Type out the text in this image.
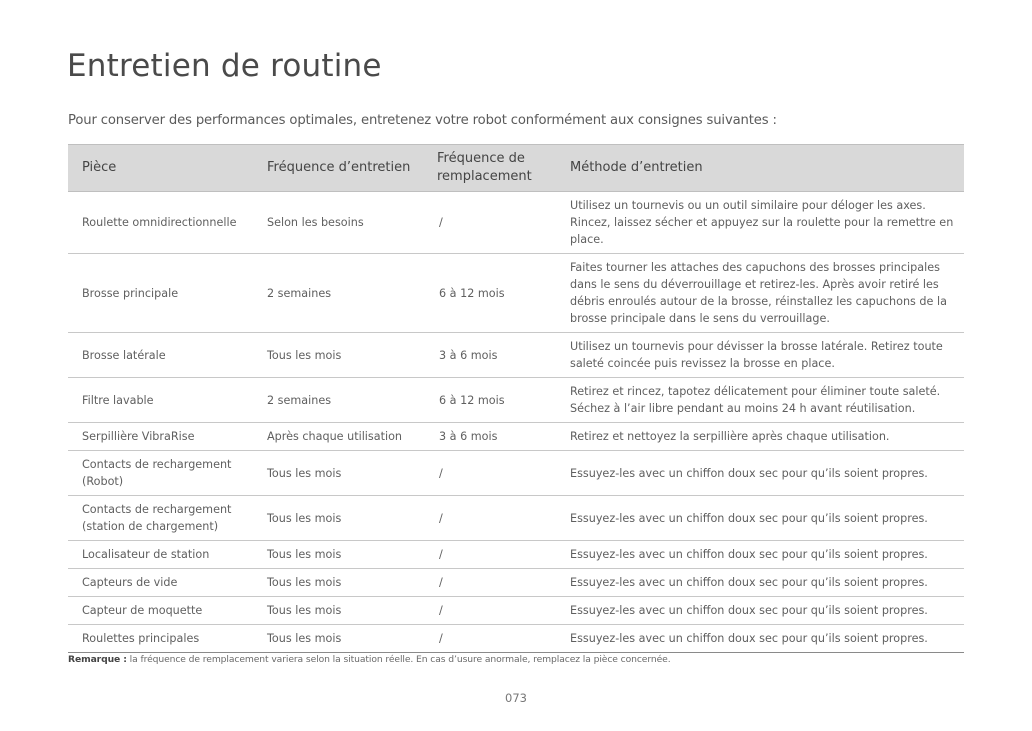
Entretien de routine

Pour conserver des performances optimales, entretenez votre robot conformément aux consignes suivantes :

Pièce	Fréquence d’entretien	Fréquence de remplacement	Méthode d’entretien
Roulette omnidirectionnelle	Selon les besoins	/	Utilisez un tournevis ou un outil similaire pour déloger les axes. Rincez, laissez sécher et appuyez sur la roulette pour la remettre en place.
Brosse principale	2 semaines	6 à 12 mois	Faites tourner les attaches des capuchons des brosses principales dans le sens du déverrouillage et retirez-les. Après avoir retiré les débris enroulés autour de la brosse, réinstallez les capuchons de la brosse principale dans le sens du verrouillage.
Brosse latérale	Tous les mois	3 à 6 mois	Utilisez un tournevis pour dévisser la brosse latérale. Retirez toute saleté coincée puis revissez la brosse en place.
Filtre lavable	2 semaines	6 à 12 mois	Retirez et rincez, tapotez délicatement pour éliminer toute saleté. Séchez à l’air libre pendant au moins 24 h avant réutilisation.
Serpillière VibraRise	Après chaque utilisation	3 à 6 mois	Retirez et nettoyez la serpillière après chaque utilisation.
Contacts de rechargement (Robot)	Tous les mois	/	Essuyez-les avec un chiffon doux sec pour qu’ils soient propres.
Contacts de rechargement (station de chargement)	Tous les mois	/	Essuyez-les avec un chiffon doux sec pour qu’ils soient propres.
Localisateur de station	Tous les mois	/	Essuyez-les avec un chiffon doux sec pour qu’ils soient propres.
Capteurs de vide	Tous les mois	/	Essuyez-les avec un chiffon doux sec pour qu’ils soient propres.
Capteur de moquette	Tous les mois	/	Essuyez-les avec un chiffon doux sec pour qu’ils soient propres.
Roulettes principales	Tous les mois	/	Essuyez-les avec un chiffon doux sec pour qu’ils soient propres.

Remarque : la fréquence de remplacement variera selon la situation réelle. En cas d’usure anormale, remplacez la pièce concernée.

073
